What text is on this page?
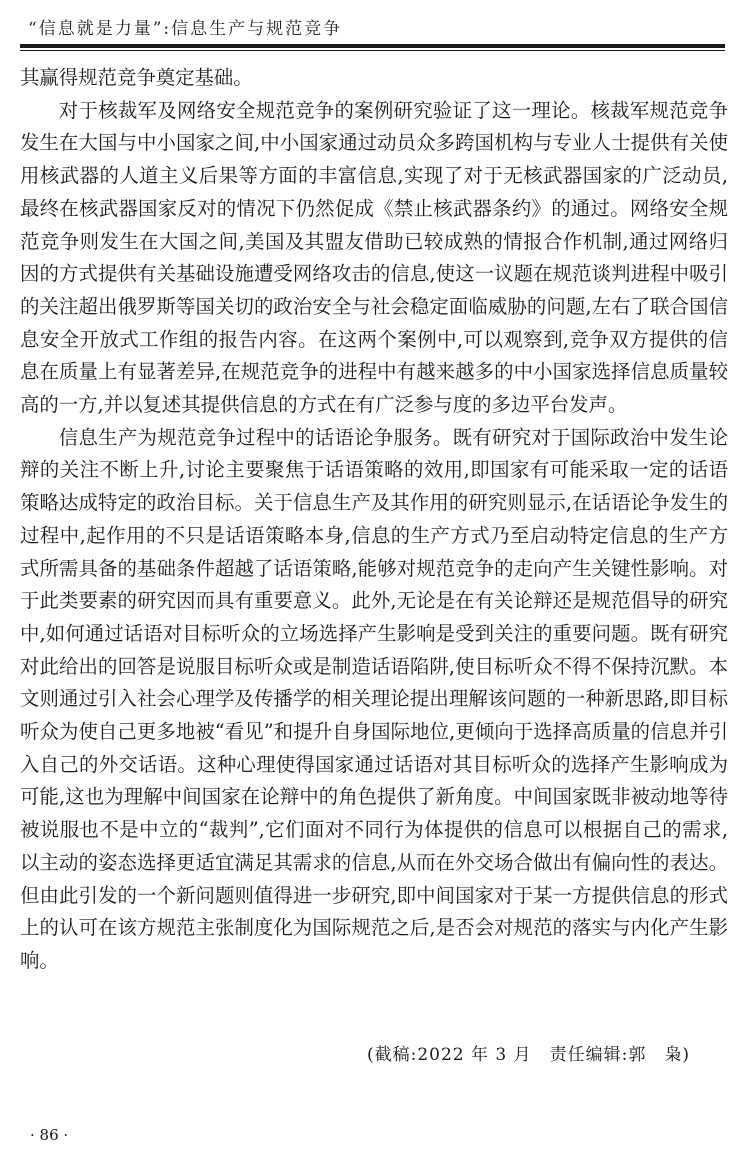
“信息就是力量”:信息生产与规范竞争

其赢得规范竞争奠定基础。

对于核裁军及网络安全规范竞争的案例研究验证了这一理论。核裁军规范竞争发生在大国与中小国家之间,中小国家通过动员众多跨国机构与专业人士提供有关使用核武器的人道主义后果等方面的丰富信息,实现了对于无核武器国家的广泛动员,最终在核武器国家反对的情况下仍然促成《禁止核武器条约》的通过。网络安全规范竞争则发生在大国之间,美国及其盟友借助已较成熟的情报合作机制,通过网络归因的方式提供有关基础设施遭受网络攻击的信息,使这一议题在规范谈判进程中吸引的关注超出俄罗斯等国关切的政治安全与社会稳定面临威胁的问题,左右了联合国信息安全开放式工作组的报告内容。在这两个案例中,可以观察到,竞争双方提供的信息在质量上有显著差异,在规范竞争的进程中有越来越多的中小国家选择信息质量较高的一方,并以复述其提供信息的方式在有广泛参与度的多边平台发声。

信息生产为规范竞争过程中的话语论争服务。既有研究对于国际政治中发生论辩的关注不断上升,讨论主要聚焦于话语策略的效用,即国家有可能采取一定的话语策略达成特定的政治目标。关于信息生产及其作用的研究则显示,在话语论争发生的过程中,起作用的不只是话语策略本身,信息的生产方式乃至启动特定信息的生产方式所需具备的基础条件超越了话语策略,能够对规范竞争的走向产生关键性影响。对于此类要素的研究因而具有重要意义。此外,无论是在有关论辩还是规范倡导的研究中,如何通过话语对目标听众的立场选择产生影响是受到关注的重要问题。既有研究对此给出的回答是说服目标听众或是制造话语陷阱,使目标听众不得不保持沉默。本文则通过引入社会心理学及传播学的相关理论提出理解该问题的一种新思路,即目标听众为使自己更多地被“看见”和提升自身国际地位,更倾向于选择高质量的信息并引入自己的外交话语。这种心理使得国家通过话语对其目标听众的选择产生影响成为可能,这也为理解中间国家在论辩中的角色提供了新角度。中间国家既非被动地等待被说服也不是中立的“裁判”,它们面对不同行为体提供的信息可以根据自己的需求,以主动的姿态选择更适宜满足其需求的信息,从而在外交场合做出有偏向性的表达。但由此引发的一个新问题则值得进一步研究,即中间国家对于某一方提供信息的形式上的认可在该方规范主张制度化为国际规范之后,是否会对规范的落实与内化产生影响。

(截稿:2022 年 3 月　责任编辑:郭　枭)
· 86 ·
